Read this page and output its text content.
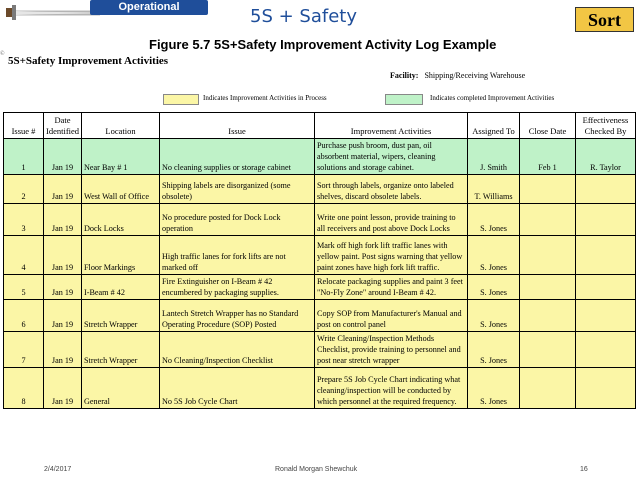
Operational Excellence	5S + Safety	Sort
Figure 5.7 5S+Safety Improvement Activity Log Example
©
5S+Safety Improvement Activities
Facility: Shipping/Receiving Warehouse
Indicates Improvement Activities in Process	Indicates completed Improvement Activities
Issue #	Date Identified	Location	Issue	Improvement Activities	Assigned To	Close Date	Effectiveness Checked By
1	Jan 19	Near Bay # 1	No cleaning supplies or storage cabinet	Purchase push broom, dust pan, oil absorbent material, wipers, cleaning solutions and storage cabinet.	J. Smith	Feb 1	R. Taylor
2	Jan 19	West Wall of Office	Shipping labels are disorganized (some obsolete)	Sort through labels, organize onto labeled shelves, discard obsolete labels.	T. Williams		
3	Jan 19	Dock Locks	No procedure posted for Dock Lock operation	Write one point lesson, provide training to all receivers and post above Dock Locks	S. Jones		
4	Jan 19	Floor Markings	High traffic lanes for fork lifts are not marked off	Mark off high fork lift traffic lanes with yellow paint. Post signs warning that yellow paint zones have high fork lift traffic.	S. Jones		
5	Jan 19	I-Beam # 42	Fire Extinguisher on I-Beam # 42 encumbered by packaging supplies.	Relocate packaging supplies and paint 3 feet "No-Fly Zone" around I-Beam # 42.	S. Jones		
6	Jan 19	Stretch Wrapper	Lantech Stretch Wrapper has no Standard Operating Procedure (SOP) Posted	Copy SOP from Manufacturer's Manual and post on control panel	S. Jones		
7	Jan 19	Stretch Wrapper	No Cleaning/Inspection Checklist	Write Cleaning/Inspection Methods Checklist, provide training to personnel and post near stretch wrapper	S. Jones		
8	Jan 19	General	No 5S Job Cycle Chart	Prepare 5S Job Cycle Chart indicating what cleaning/inspection will be conducted by which personnel at the required frequency.	S. Jones		
2/4/2017	Ronald Morgan Shewchuk	16
